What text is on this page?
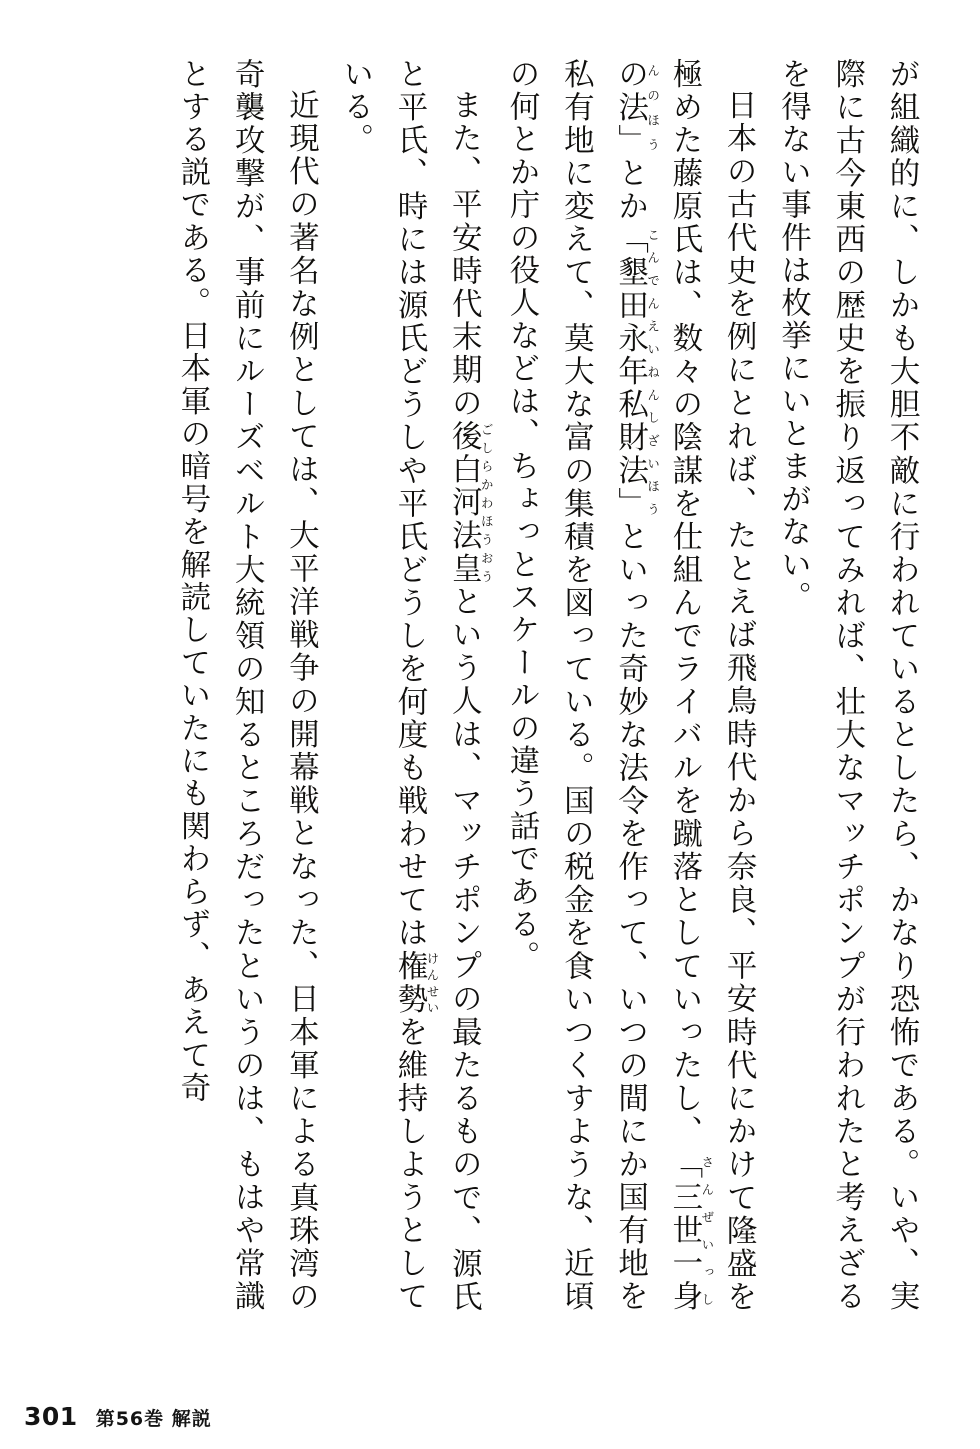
が組織的に、しかも大胆不敵に行われているとしたら、かなり恐怖である。いや、実際に古今東西の歴史を振り返ってみれば、壮大なマッチポンプが行われたと考えざるを得ない事件は枚挙にいとまがない。

日本の古代史を例にとれば、たとえば飛鳥時代から奈良、平安時代にかけて隆盛を極めた藤原氏は、数々の陰謀を仕組んでライバルを蹴落としていったし、「三世一身の法」さんぜいっしんのほうとか「墾田永年私財法」こんでんえいねんしざいほうといった奇妙な法令を作って、いつの間にか国有地を私有地に変えて、莫大な富の集積を図っている。国の税金を食いつくすような、近頃の何とか庁の役人などは、ちょっとスケールの違う話である。

また、平安時代末期の後白河法皇ごしらかわほうおうという人は、マッチポンプの最たるもので、源氏と平氏、時には源氏どうしや平氏どうしを何度も戦わせては権勢けんせいを維持しようとしている。

近現代の著名な例としては、大平洋戦争の開幕戦となった、日本軍による真珠湾の奇襲攻撃が、事前にルーズベルト大統領の知るところだったというのは、もはや常識とする説である。日本軍の暗号を解読していたにも関わらず、あえて奇

301 第56巻 解説
